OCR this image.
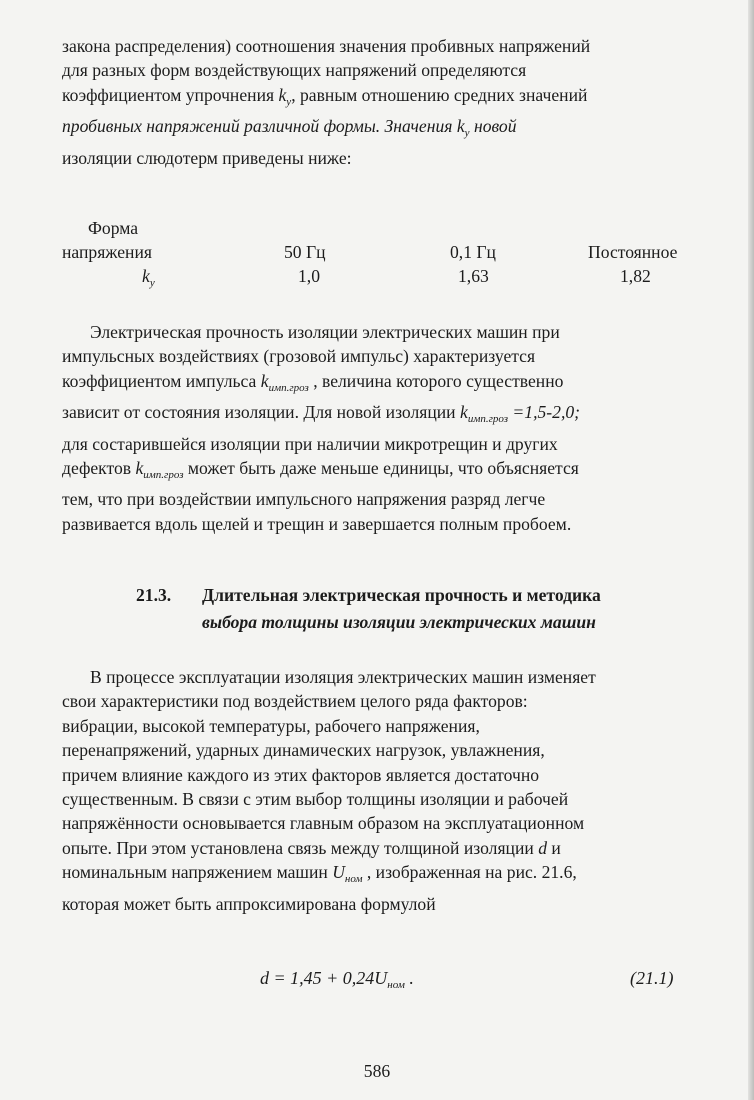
закона распределения) соотношения значения пробивных напряжений

для разных форм воздействующих напряжений определяются

коэффициентом упрочнения $k_у$, равным отношению средних значений

пробивных напряжений различной формы. Значения $k_у$ новой

изоляции слюдотерм приведены ниже:

Форма
напряжения	50 Гц	0,1 Гц	Постоянное
$k_у$	1,0	1,63	1,82

Электрическая прочность изоляции электрических машин при

импульсных воздействиях (грозовой импульс) характеризуется

коэффициентом импульса $k_{имп.гроз}$ , величина которого существенно

зависит от состояния изоляции. Для новой изоляции $k_{имп.гроз} =1,5-2,0$;

для состарившейся изоляции при наличии микротрещин и других

дефектов $k_{имп.гроз}$ может быть даже меньше единицы, что объясняется

тем, что при воздействии импульсного напряжения разряд легче

развивается вдоль щелей и трещин и завершается полным пробоем.

21.3. Длительная электрическая прочность и методика
выбора толщины изоляции электрических машин

В процессе эксплуатации изоляция электрических машин изменяет

свои характеристики под воздействием целого ряда факторов:

вибрации, высокой температуры, рабочего напряжения,

перенапряжений, ударных динамических нагрузок, увлажнения,

причем влияние каждого из этих факторов является достаточно

существенным. В связи с этим выбор толщины изоляции и рабочей

напряжённости основывается главным образом на эксплуатационном

опыте. При этом установлена связь между толщиной изоляции d и

номинальным напряжением машин $U_{ном}$ , изображенная на рис. 21.6,

которая может быть аппроксимирована формулой

$d = 1,45 + 0,24U_{ном}$ .	(21.1)
586
